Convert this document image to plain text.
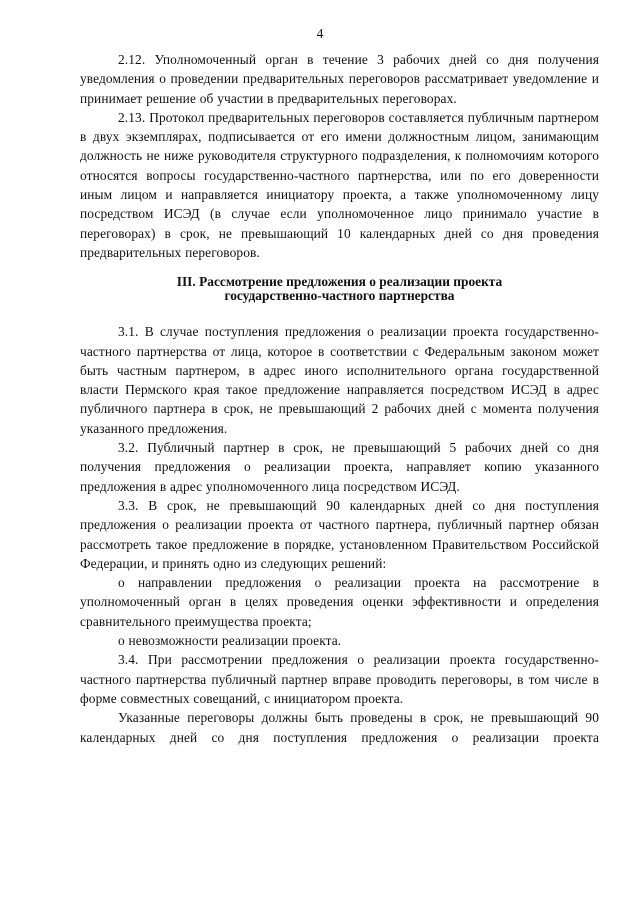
4

2.12. Уполномоченный орган в течение 3 рабочих дней со дня получения уведомления о проведении предварительных переговоров рассматривает уведомление и принимает решение об участии в предварительных переговорах.

2.13. Протокол предварительных переговоров составляется публичным партнером в двух экземплярах, подписывается от его имени должностным лицом, занимающим должность не ниже руководителя структурного подразделения, к полномочиям которого относятся вопросы государственно-частного партнерства, или по его доверенности иным лицом и направляется инициатору проекта, а также уполномоченному лицу посредством ИСЭД (в случае если уполномоченное лицо принимало участие в переговорах) в срок, не превышающий 10 календарных дней со дня проведения предварительных переговоров.

III. Рассмотрение предложения о реализации проекта
государственно-частного партнерства

3.1. В случае поступления предложения о реализации проекта государственно-частного партнерства от лица, которое в соответствии с Федеральным законом может быть частным партнером, в адрес иного исполнительного органа государственной власти Пермского края такое предложение направляется посредством ИСЭД в адрес публичного партнера в срок, не превышающий 2 рабочих дней с момента получения указанного предложения.

3.2. Публичный партнер в срок, не превышающий 5 рабочих дней со дня получения предложения о реализации проекта, направляет копию указанного предложения в адрес уполномоченного лица посредством ИСЭД.

3.3. В срок, не превышающий 90 календарных дней со дня поступления предложения о реализации проекта от частного партнера, публичный партнер обязан рассмотреть такое предложение в порядке, установленном Правительством Российской Федерации, и принять одно из следующих решений:

о направлении предложения о реализации проекта на рассмотрение в уполномоченный орган в целях проведения оценки эффективности и определения сравнительного преимущества проекта;

о невозможности реализации проекта.

3.4. При рассмотрении предложения о реализации проекта государственно-частного партнерства публичный партнер вправе проводить переговоры, в том числе в форме совместных совещаний, с инициатором проекта.

Указанные переговоры должны быть проведены в срок, не превышающий 90 календарных дней со дня поступления предложения о реализации проекта
